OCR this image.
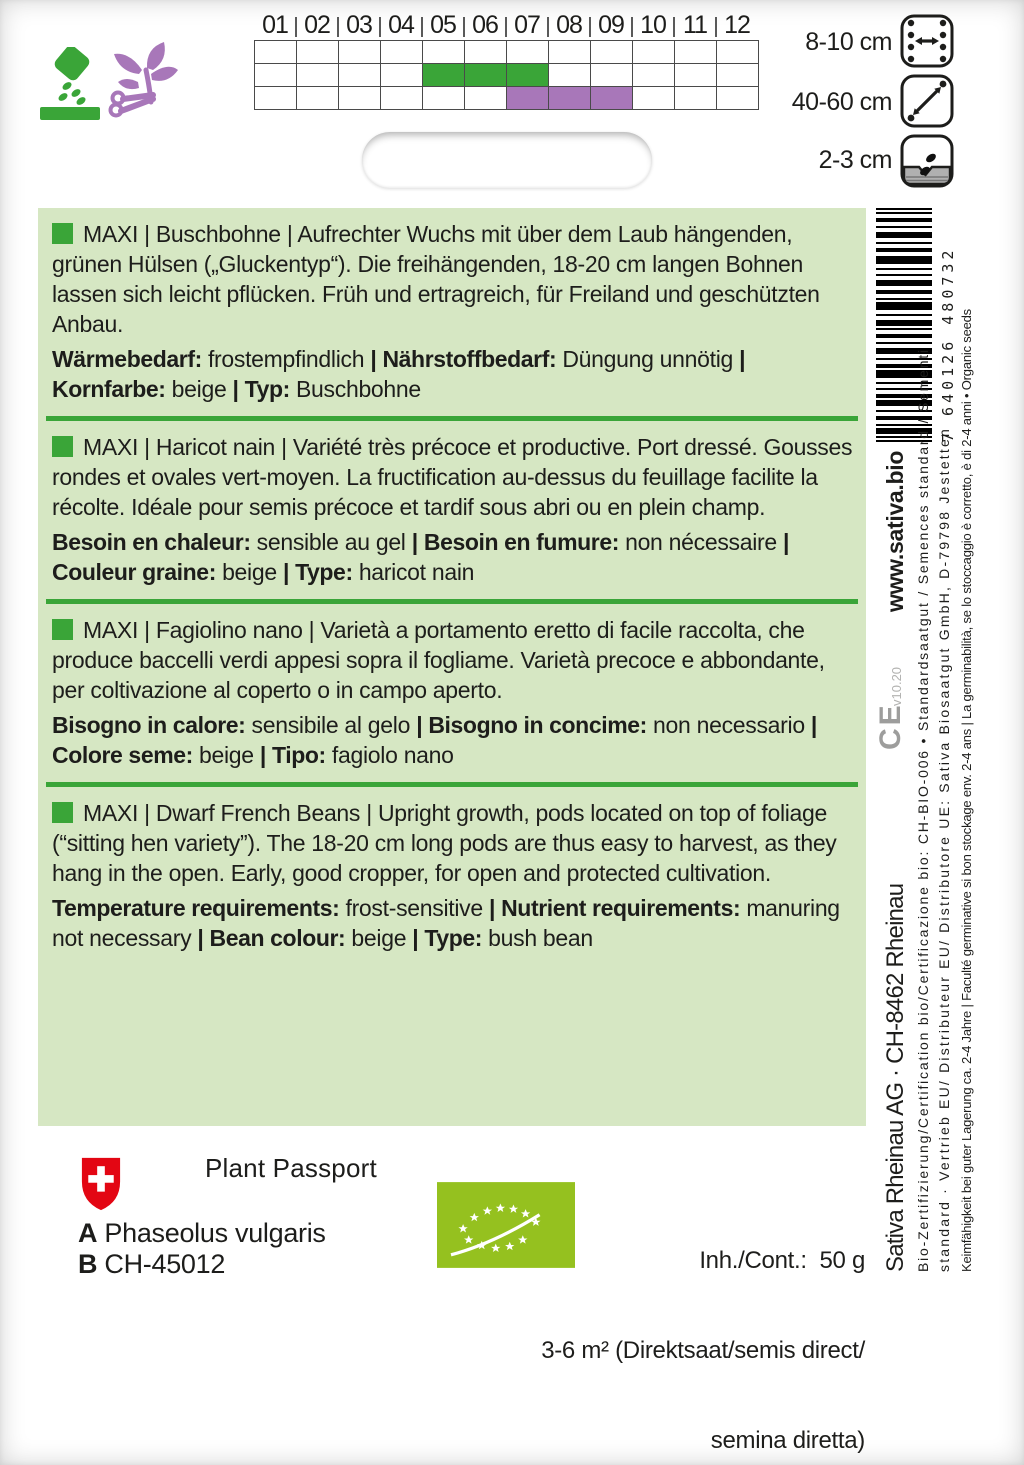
01 02 03 04 05 06 07 08 09 10 11 12
8-10 cm
40-60 cm
2-3 cm

MAXI | Buschbohne | Aufrechter Wuchs mit über dem Laub hängenden, grünen Hülsen („Gluckentyp“). Die freihängenden, 18-20 cm langen Bohnen lassen sich leicht pflücken. Früh und ertragreich, für Freiland und geschützten Anbau.

Wärmebedarf: frostempfindlich | Nährstoffbedarf: Düngung unnötig | Kornfarbe: beige | Typ: Buschbohne

MAXI | Haricot nain | Variété très précoce et productive. Port dressé. Gousses rondes et ovales vert-moyen. La fructification au-dessus du feuillage facilite la récolte. Idéale pour semis précoce et tardif sous abri ou en plein champ.

Besoin en chaleur: sensible au gel | Besoin en fumure: non nécessaire | Couleur graine: beige | Type: haricot nain

MAXI | Fagiolino nano | Varietà a portamento eretto di facile raccolta, che produce baccelli verdi appesi sopra il fogliame. Varietà precoce e abbondante, per coltivazione al coperto o in campo aperto.

Bisogno in calore: sensibile al gelo | Bisogno in concime: non necessario | Colore seme: beige | Tipo: fagiolo nano

MAXI | Dwarf French Beans | Upright growth, pods located on top of foliage (“sitting hen variety”). The 18-20 cm long pods are thus easy to harvest, as they hang in the open. Early, good cropper, for open and protected cultivation.

Temperature requirements: frost-sensitive | Nutrient requirements: manuring not necessary | Bean colour: beige | Type: bush bean

7 640126 480732
www.sativa.bio
v10.20
CE
Sativa Rheinau AG · CH-8462 Rheinau Bio-Zertifizierung/Certification bio/Certificazione bio: CH-BIO-006 • Standardsaatgut / Semences standard / Sementi standard · Vertrieb EU/ Distributeur EU/ Distributore UE: Sativa Biosaatgut GmbH, D-79798 Jestetten Keimfähigkeit bei guter Lagerung ca. 2-4 Jahre | Faculté germinative si bon stockage env. 2-4 ans | La germinabilità, se lo stoccaggio è corretto, è di 2-4 anni • Organic seeds
Plant Passport
A Phaseolus vulgaris
B CH-45012

	Inh./Cont.:  50 g

3-6 m² (Direktsaat/semis direct/

semina diretta)
